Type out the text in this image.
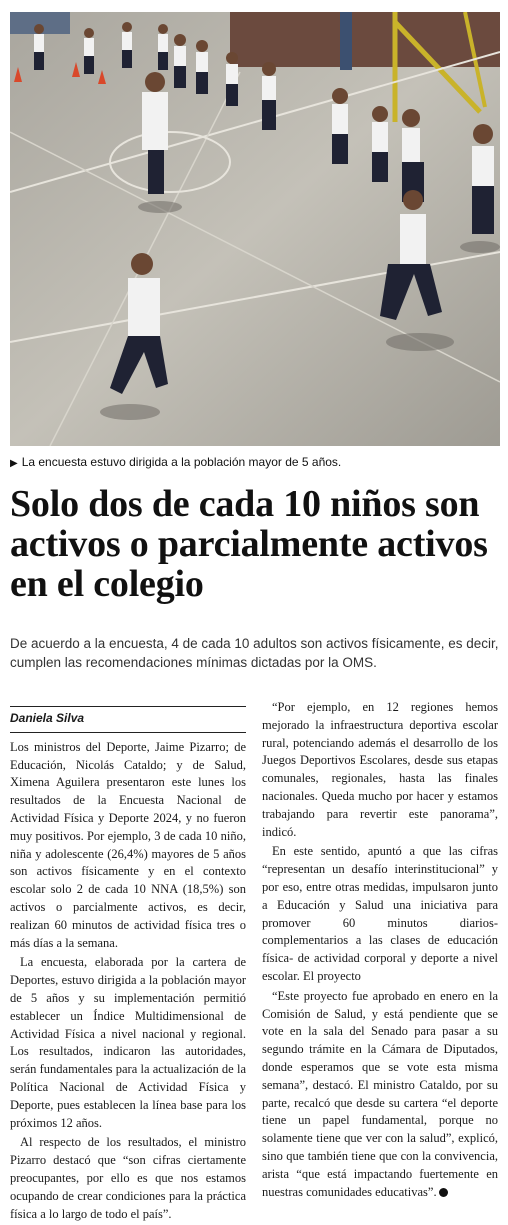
▶ La encuesta estuvo dirigida a la población mayor de 5 años.
Solo dos de cada 10 niños son activos o parcialmente activos en el colegio
De acuerdo a la encuesta, 4 de cada 10 adultos son activos físicamente, es decir, cumplen las recomendaciones mínimas dictadas por la OMS.
Daniela Silva

Los ministros del Deporte, Jaime Pizarro; de Educación, Nicolás Cataldo; y de Salud, Ximena Aguilera presentaron este lunes los resultados de la Encuesta Nacional de Actividad Física y Deporte 2024, y no fueron muy positivos. Por ejemplo, 3 de cada 10 niño, niña y adolescente (26,4%) mayores de 5 años son activos físicamente y en el contexto escolar solo 2 de cada 10 NNA (18,5%) son activos o parcialmente activos, es decir, realizan 60 minutos de actividad física tres o más días a la semana.

La encuesta, elaborada por la cartera de Deportes, estuvo dirigida a la población mayor de 5 años y su implementación permitió establecer un Índice Multidimensional de Actividad Física a nivel nacional y regional. Los resultados, indicaron las autoridades, serán fundamentales para la actualización de la Política Nacional de Actividad Física y Deporte, pues establecen la línea base para los próximos 12 años.

Al respecto de los resultados, el ministro Pizarro destacó que “son cifras ciertamente preocupantes, por ello es que nos estamos ocupando de crear condiciones para la práctica física a lo largo de todo el país”.

“Por ejemplo, en 12 regiones hemos mejorado la infraestructura deportiva escolar rural, potenciando además el desarrollo de los Juegos Deportivos Escolares, desde sus etapas comunales, regionales, hasta las finales nacionales. Queda mucho por hacer y estamos trabajando para revertir este panorama”, indicó.

En este sentido, apuntó a que las cifras “representan un desafío interinstitucional” y por eso, entre otras medidas, impulsaron junto a Educación y Salud una iniciativa para promover 60 minutos diarios- complementarios a las clases de educación física- de actividad corporal y deporte a nivel escolar. El proyecto

“Este proyecto fue aprobado en enero en la Comisión de Salud, y está pendiente que se vote en la sala del Senado para pasar a su segundo trámite en la Cámara de Diputados, donde esperamos que se vote esta misma semana”, destacó. El ministro Cataldo, por su parte, recalcó que desde su cartera “el deporte tiene un papel fundamental, porque no solamente tiene que ver con la salud”, explicó, sino que también tiene que con la convivencia, arista “que está impactando fuertemente en nuestras comunidades educativas”.
